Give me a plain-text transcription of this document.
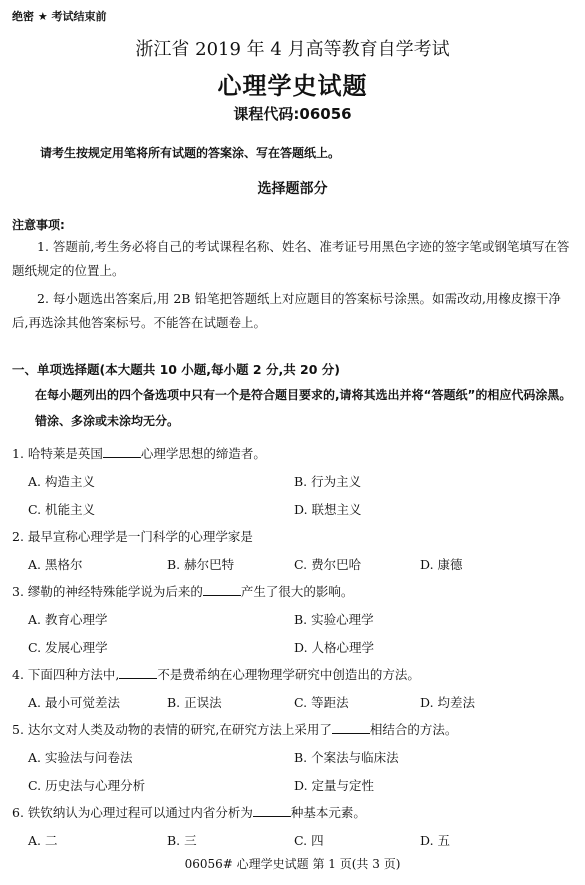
绝密 ★ 考试结束前
浙江省 2019 年 4 月高等教育自学考试
心理学史试题
课程代码:06056
请考生按规定用笔将所有试题的答案涂、写在答题纸上。
选择题部分
注意事项:
1. 答题前,考生务必将自己的考试课程名称、姓名、准考证号用黑色字迹的签字笔或钢笔填写在答题纸规定的位置上。
2. 每小题选出答案后,用 2B 铅笔把答题纸上对应题目的答案标号涂黑。如需改动,用橡皮擦干净后,再选涂其他答案标号。不能答在试题卷上。
一、单项选择题(本大题共 10 小题,每小题 2 分,共 20 分)
在每小题列出的四个备选项中只有一个是符合题目要求的,请将其选出并将“答题纸”的相应代码涂黑。错涂、多涂或未涂均无分。
1. 哈特莱是英国	心理学思想的缔造者。
A. 构造主义	B. 行为主义
C. 机能主义	D. 联想主义
2. 最早宣称心理学是一门科学的心理学家是
A. 黑格尔	B. 赫尔巴特	C. 费尔巴哈	D. 康德
3. 缪勒的神经特殊能学说为后来的	产生了很大的影响。
A. 教育心理学	B. 实验心理学
C. 发展心理学	D. 人格心理学
4. 下面四种方法中,	不是费希纳在心理物理学研究中创造出的方法。
A. 最小可觉差法	B. 正误法	C. 等距法	D. 均差法
5. 达尔文对人类及动物的表情的研究,在研究方法上采用了	相结合的方法。
A. 实验法与问卷法	B. 个案法与临床法
C. 历史法与心理分析	D. 定量与定性
6. 铁钦纳认为心理过程可以通过内省分析为	种基本元素。
A. 二	B. 三	C. 四	D. 五
06056# 心理学史试题 第 1 页(共 3 页)
